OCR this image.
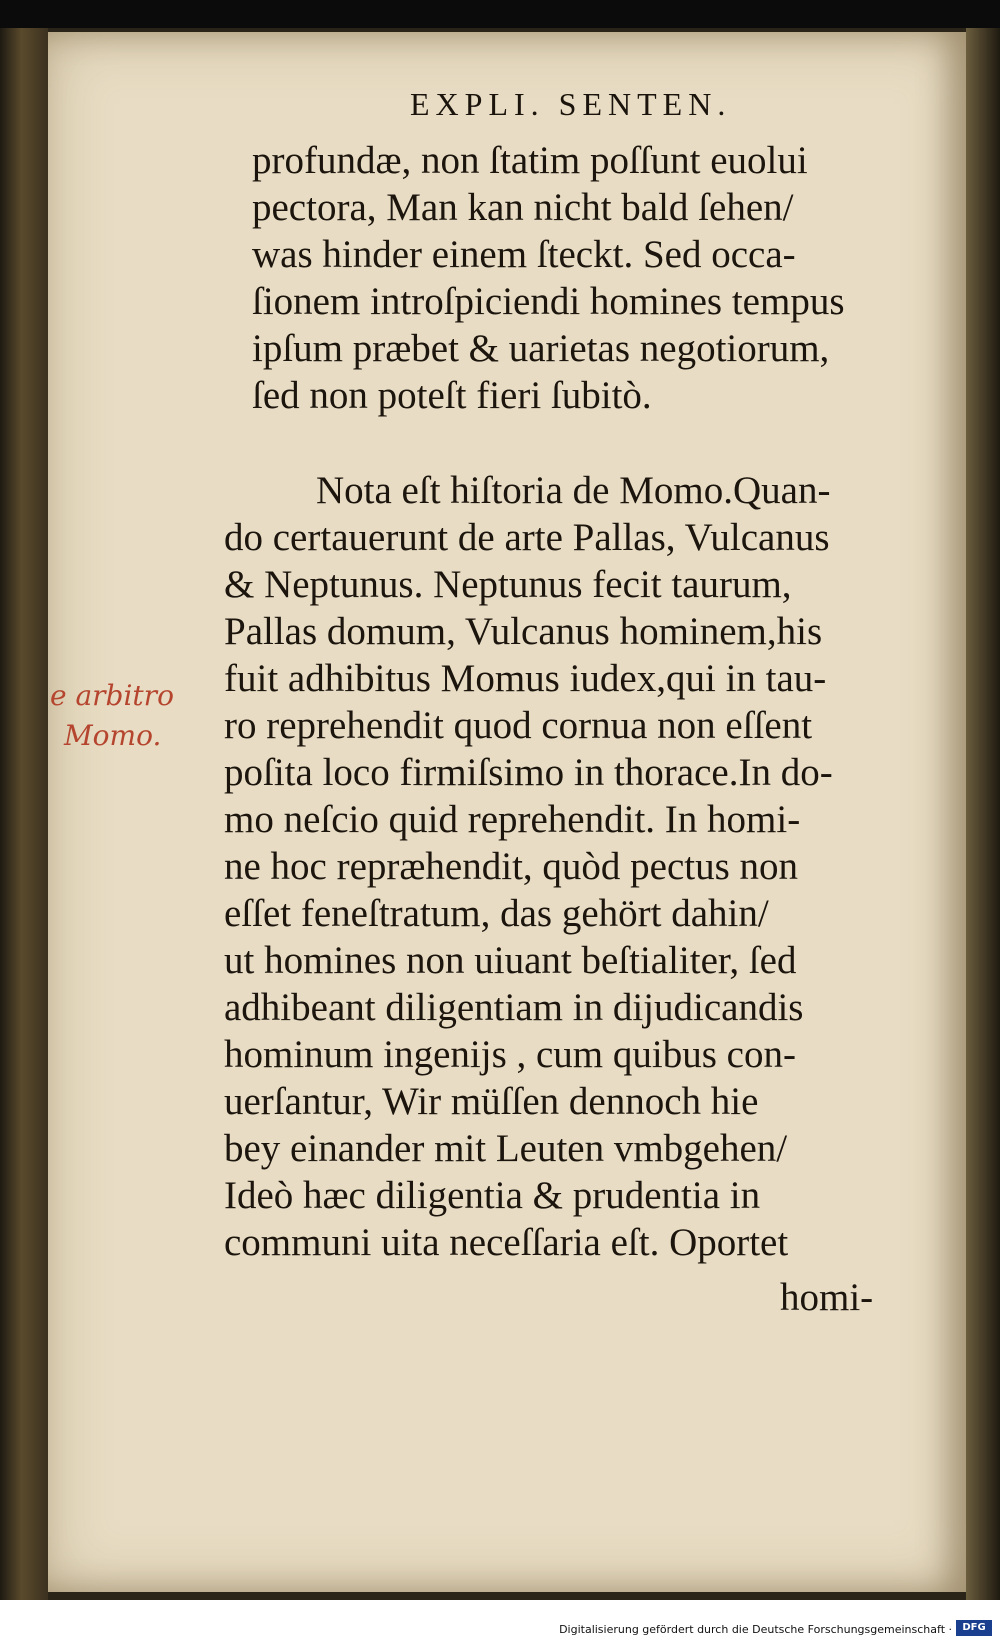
EXPLI. SENTEN.
profundæ, non ſtatim poſſunt euolui
pectora, Man kan nicht bald ſehen/
was hinder einem ſteckt. Sed occa-
ſionem introſpiciendi homines tempus
ipſum præbet & uarietas negotiorum,
ſed non poteſt fieri ſubitò.
Nota eſt hiſtoria de Momo.Quan-
do certauerunt de arte Pallas, Vulcanus
& Neptunus. Neptunus fecit taurum,
Pallas domum, Vulcanus hominem,his
fuit adhibitus Momus iudex,qui in tau-
ro reprehendit quod cornua non eſſent
poſita loco firmiſsimo in thorace.In do-
mo neſcio quid reprehendit. In homi-
ne hoc repræhendit, quòd pectus non
eſſet feneſtratum, das gehört dahin/
ut homines non uiuant beſtialiter, ſed
adhibeant diligentiam in dijudicandis
hominum ingenijs , cum quibus con-
uerſantur, Wir müſſen dennoch hie
bey einander mit Leuten vmbgehen/
Ideò hæc diligentia & prudentia in
communi uita neceſſaria eſt. Oportet
homi-
e arbitro
Momo.
Digitalisierung gefördert durch die Deutsche Forschungsgemeinschaft ·	DFG
